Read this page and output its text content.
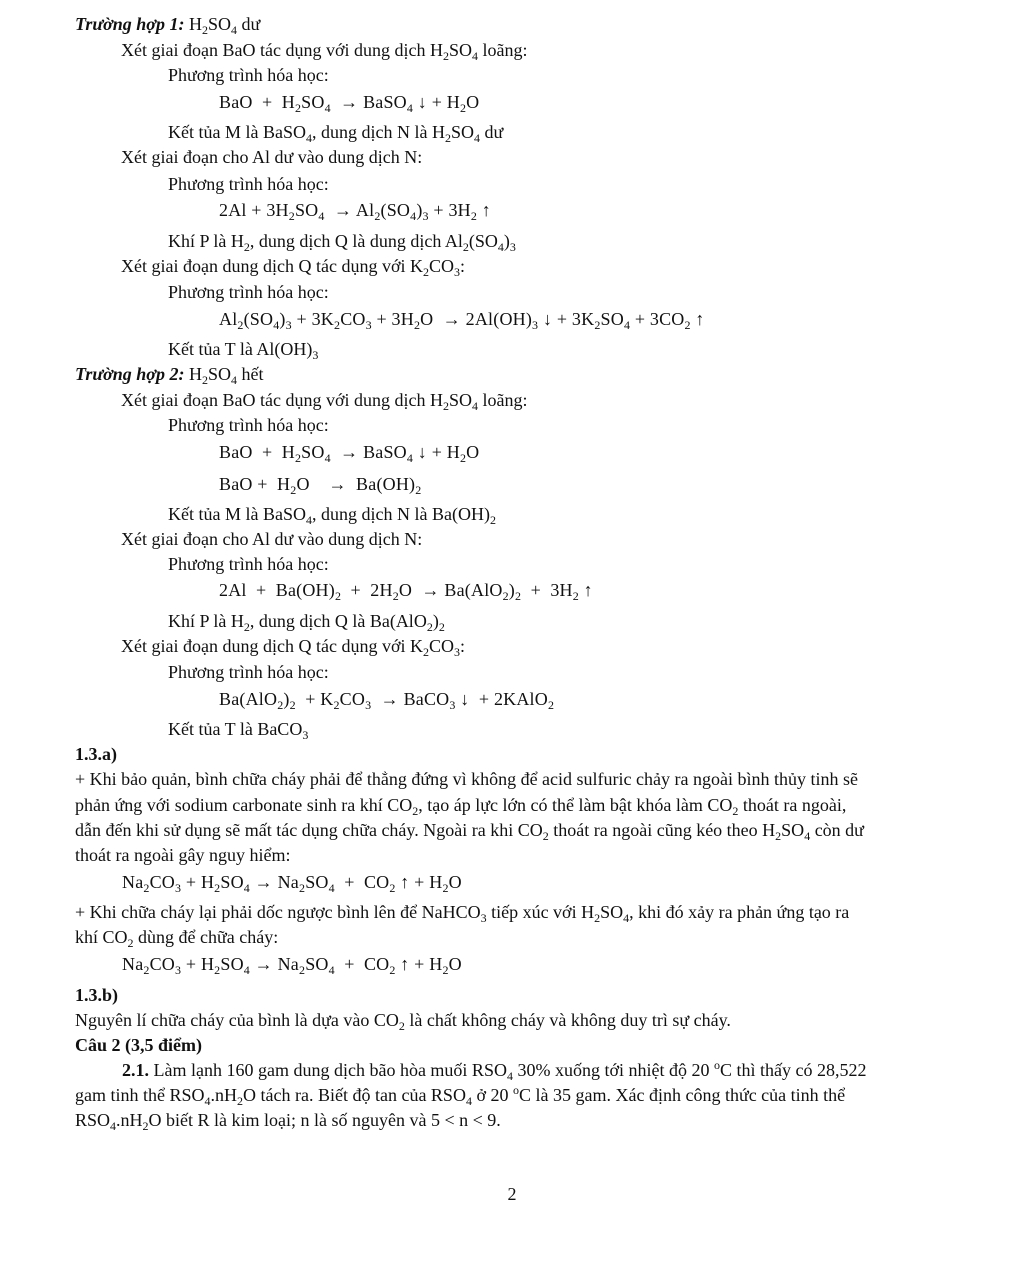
Trường hợp 1: $H_2SO_4$ dư
Xét giai đoạn BaO tác dụng với dung dịch $H_2SO_4$ loãng:
Phương trình hóa học:
BaO  +  $H_2SO_4$  → BaSO$_4$ ↓ + $H_2O$
Kết tủa M là BaSO$_4$, dung dịch N là $H_2SO_4$ dư
Xét giai đoạn cho Al dư vào dung dịch N:
Phương trình hóa học:
$2Al + 3H_2SO_4 \to Al_2(SO_4)_3 + 3H_2$ ↑
Khí P là $H_2$, dung dịch Q là dung dịch $Al_2(SO_4)_3$
Xét giai đoạn dung dịch Q tác dụng với $K_2CO_3$:
Phương trình hóa học:
$Al_2(SO_4)_3 + 3K_2CO_3 + 3H_2O \to 2Al(OH)_3$ ↓ + $3K_2SO_4 + 3CO_2$ ↑
Kết tủa T là $Al(OH)_3$
Trường hợp 2: $H_2SO_4$ hết
Xét giai đoạn BaO tác dụng với dung dịch $H_2SO_4$ loãng:
Phương trình hóa học:
BaO  +  $H_2SO_4$  → BaSO$_4$ ↓ + $H_2O$
BaO +  $H_2O$    →  $Ba(OH)_2$
Kết tủa M là BaSO$_4$, dung dịch N là $Ba(OH)_2$
Xét giai đoạn cho Al dư vào dung dịch N:
Phương trình hóa học:
$2Al + Ba(OH)_2 + 2H_2O \to Ba(AlO_2)_2 + 3H_2$ ↑
Khí P là $H_2$, dung dịch Q là $Ba(AlO_2)_2$
Xét giai đoạn dung dịch Q tác dụng với $K_2CO_3$:
Phương trình hóa học:
$Ba(AlO_2)_2 + K_2CO_3$  → BaCO$_3$ ↓  + 2KAlO$_2$
Kết tủa T là BaCO$_3$
1.3.a)
+ Khi bảo quản, bình chữa cháy phải để thẳng đứng vì không để acid sulfuric chảy ra ngoài bình thủy tinh sẽ
phản ứng với sodium carbonate sinh ra khí $CO_2$, tạo áp lực lớn có thể làm bật khóa làm $CO_2$ thoát ra ngoài,
dẫn đến khi sử dụng sẽ mất tác dụng chữa cháy. Ngoài ra khi $CO_2$ thoát ra ngoài cũng kéo theo $H_2SO_4$ còn dư
thoát ra ngoài gây nguy hiểm:
$Na_2CO_3 + H_2SO_4 \to Na_2SO_4 + CO_2$ ↑ + $H_2O$
+ Khi chữa cháy lại phải dốc ngược bình lên để NaHCO$_3$ tiếp xúc với $H_2SO_4$, khi đó xảy ra phản ứng tạo ra
khí $CO_2$ dùng để chữa cháy:
$Na_2CO_3 + H_2SO_4 \to Na_2SO_4 + CO_2$ ↑ + $H_2O$
1.3.b)
Nguyên lí chữa cháy của bình là dựa vào $CO_2$ là chất không cháy và không duy trì sự cháy.
Câu 2 (3,5 điểm)
2.1. Làm lạnh 160 gam dung dịch bão hòa muối $RSO_4$ 30% xuống tới nhiệt độ 20 $^o$C thì thấy có 28,522
gam tinh thể $RSO_4.nH_2O$ tách ra. Biết độ tan của $RSO_4$ ở 20 $^o$C là 35 gam. Xác định công thức của tinh thể
$RSO_4.nH_2O$ biết R là kim loại; n là số nguyên và 5 < n < 9.
2
